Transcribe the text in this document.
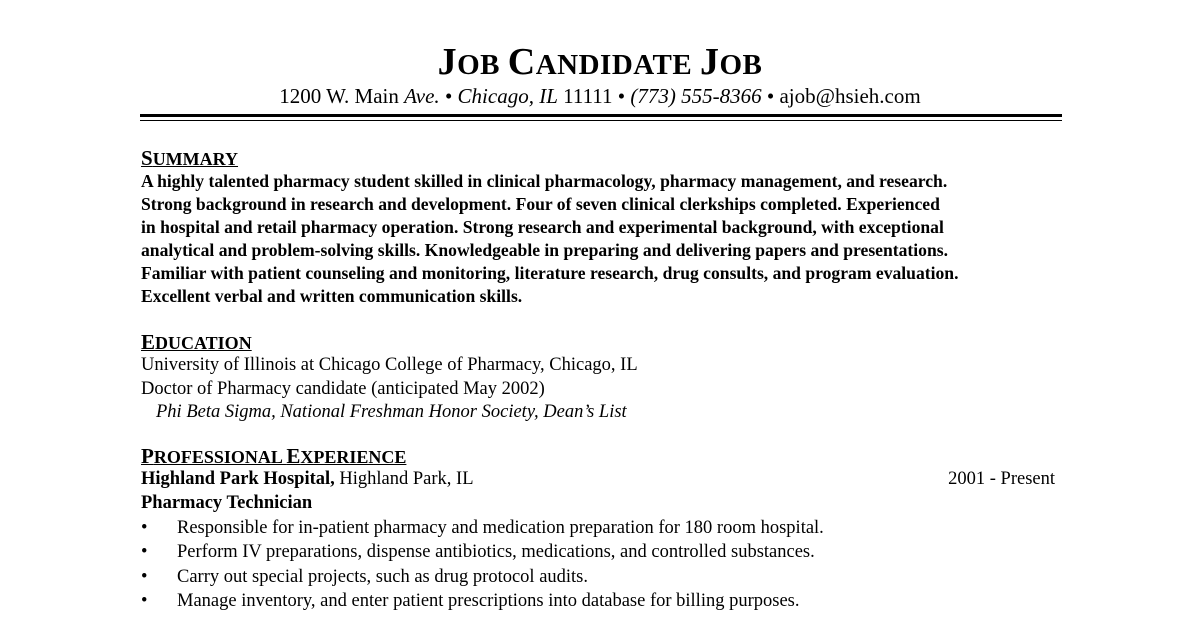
JOB CANDIDATE JOB
1200 W. Main Ave. • Chicago, IL 11111 • (773) 555-8366 • ajob@hsieh.com

SUMMARY

A highly talented pharmacy student skilled in clinical pharmacology, pharmacy management, and research.
Strong background in research and development. Four of seven clinical clerkships completed. Experienced
in hospital and retail pharmacy operation. Strong research and experimental background, with exceptional
analytical and problem-solving skills. Knowledgeable in preparing and delivering papers and presentations.
Familiar with patient counseling and monitoring, literature research, drug consults, and program evaluation.
Excellent verbal and written communication skills.

EDUCATION

University of Illinois at Chicago College of Pharmacy, Chicago, IL
Doctor of Pharmacy candidate (anticipated May 2002)
Phi Beta Sigma, National Freshman Honor Society, Dean’s List

PROFESSIONAL EXPERIENCE

Highland Park Hospital, Highland Park, IL	2001 - Present
Pharmacy Technician
• Responsible for in-patient pharmacy and medication preparation for 180 room hospital.
• Perform IV preparations, dispense antibiotics, medications, and controlled substances.
• Carry out special projects, such as drug protocol audits.
• Manage inventory, and enter patient prescriptions into database for billing purposes.
